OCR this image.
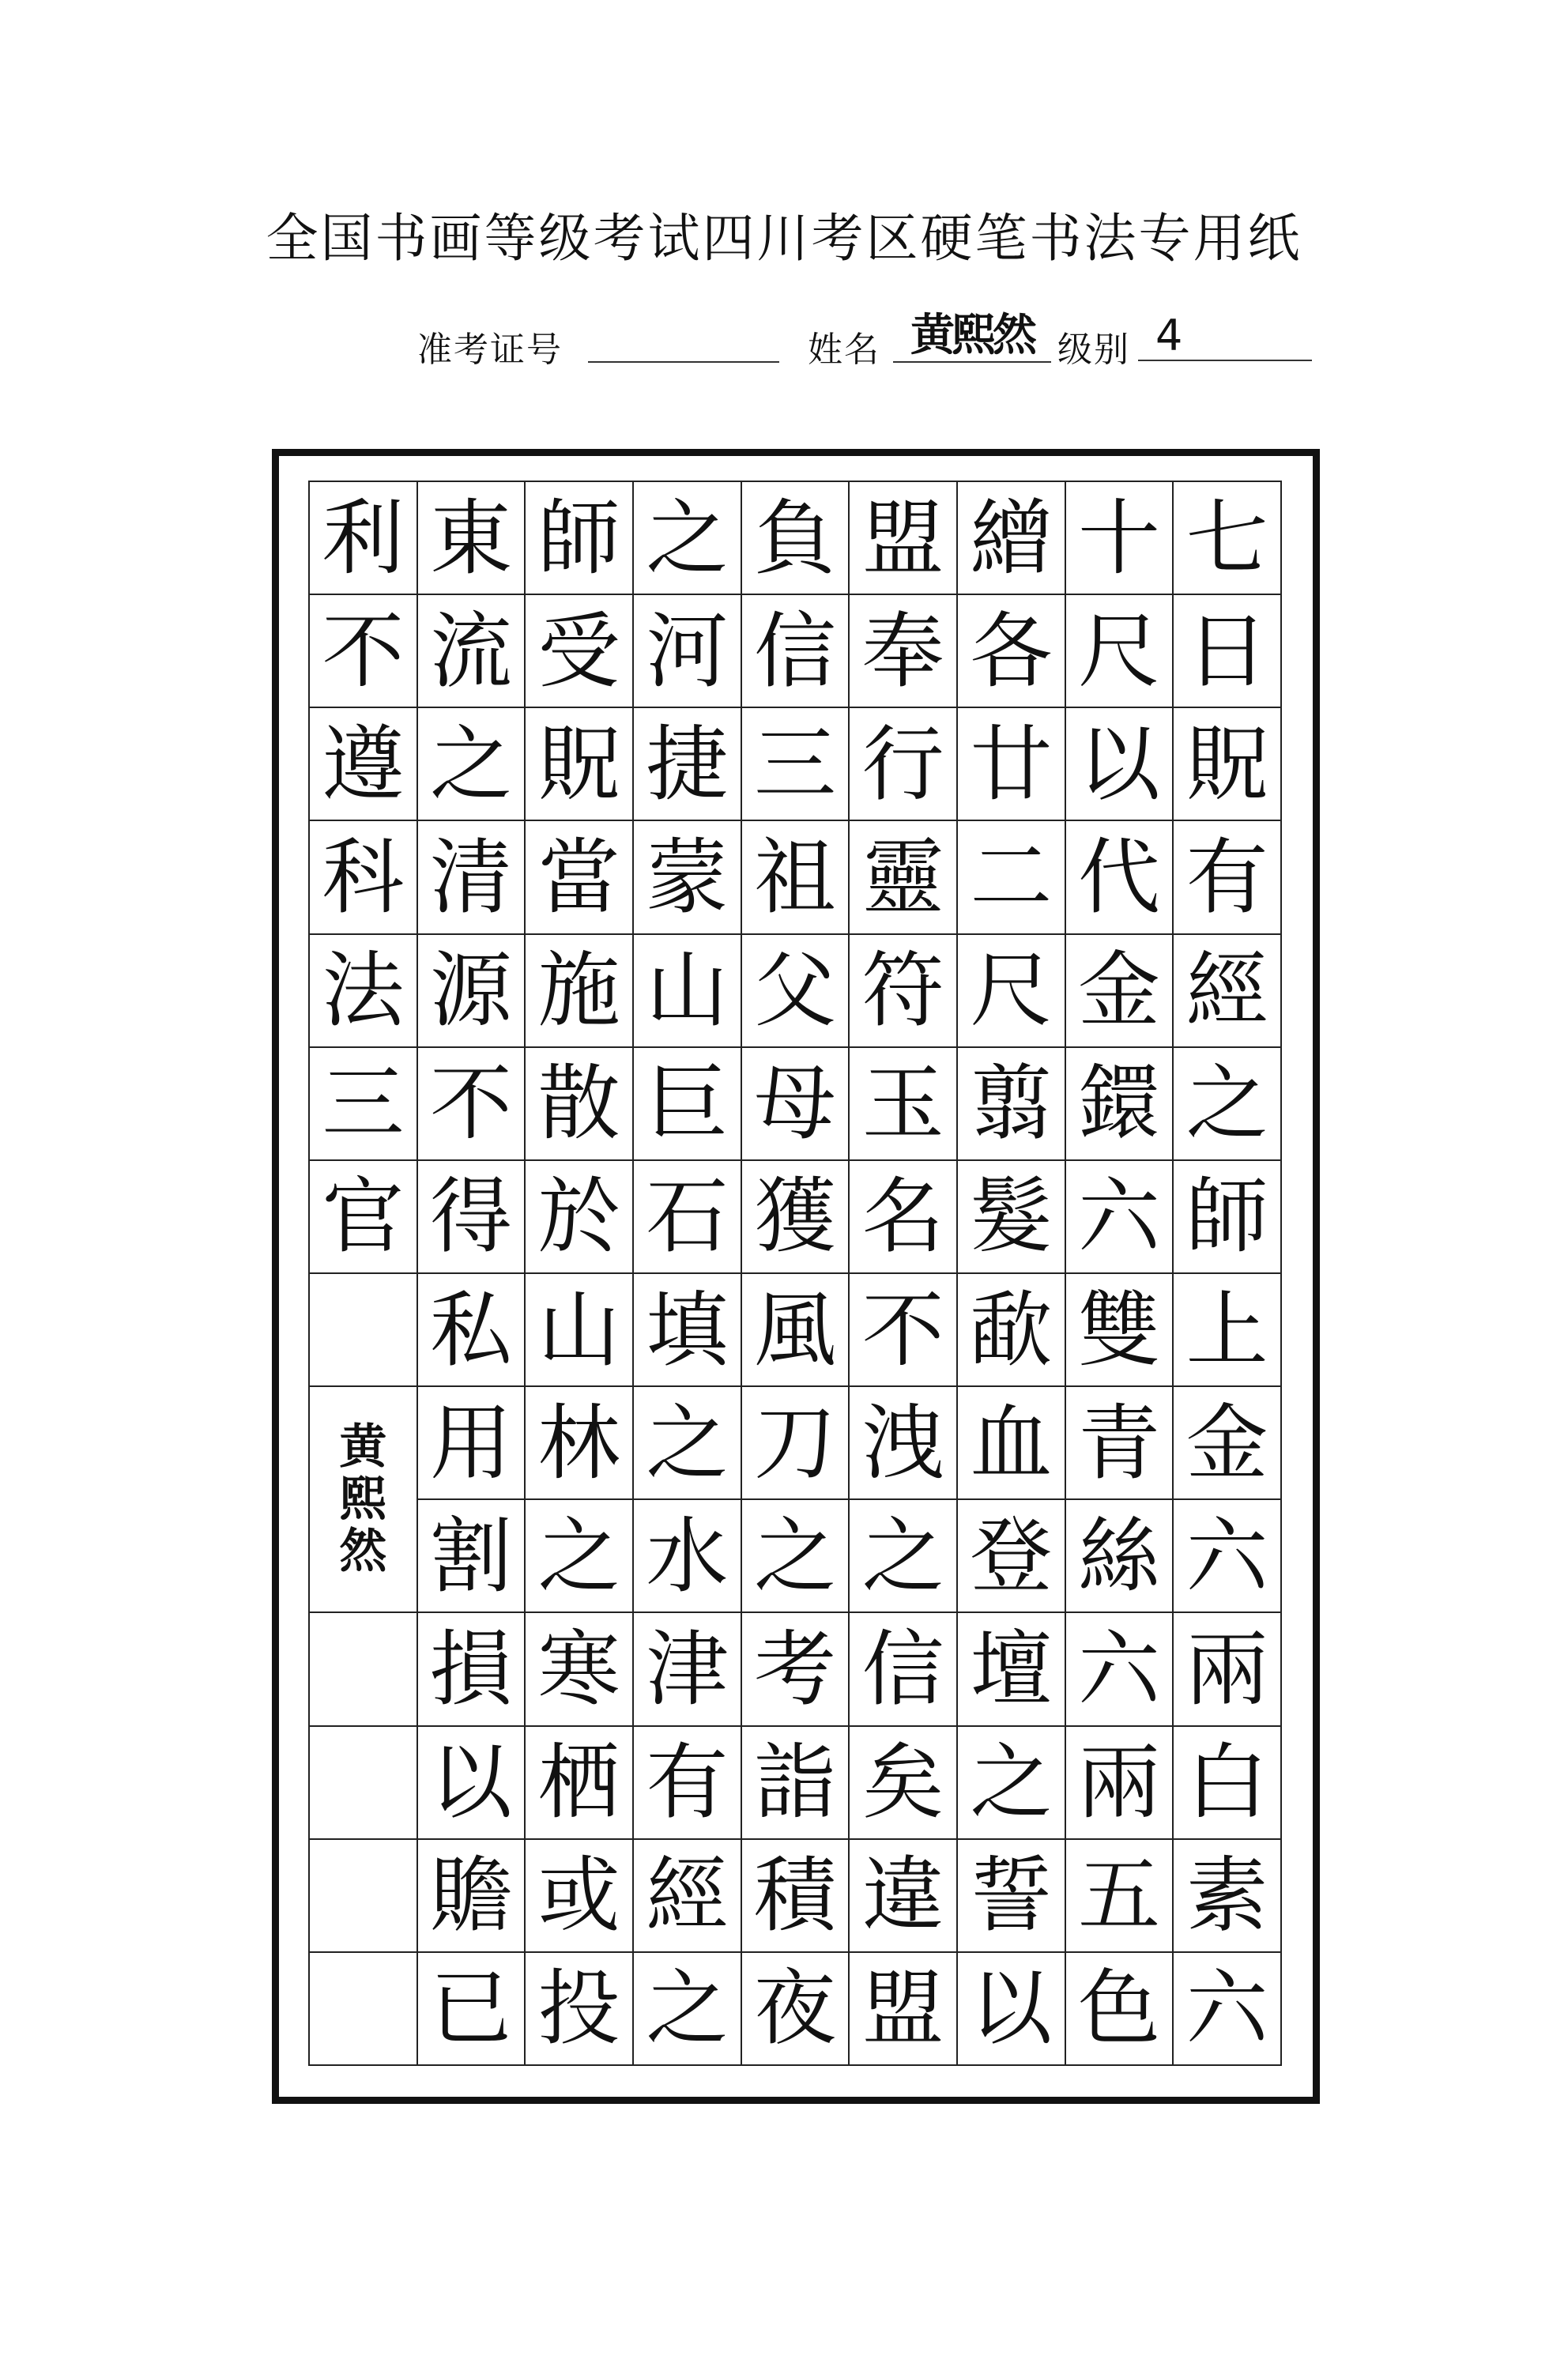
全国书画等级考试四川考区硬笔书法专用纸
准考证号	姓名 黄熙然 级别 4
利 東 師 之 負 盟 繒 十 七
不 流 受 河 信 奉 各 尺 日
遵 之 貺 捷 三 行 廿 以 貺
科 清 當 蒙 祖 靈 二 代 有
法 源 施 山 父 符 尺 金 經
三 不 散 巨 母 玉 翦 鐶 之
官 得 於 石 獲 名 髮 六 師
私 山 填 風 不 歃 雙 上
黄
熙
然
用 林 之 刀 洩 血 青 金
割 之 水 之 之 登 絲 六
損 寒 津 考 信 壇 六 兩
以 栖 有 詣 矣 之 兩 白
贍 或 經 積 違 誓 五 素
已 投 之 夜 盟 以 色 六
